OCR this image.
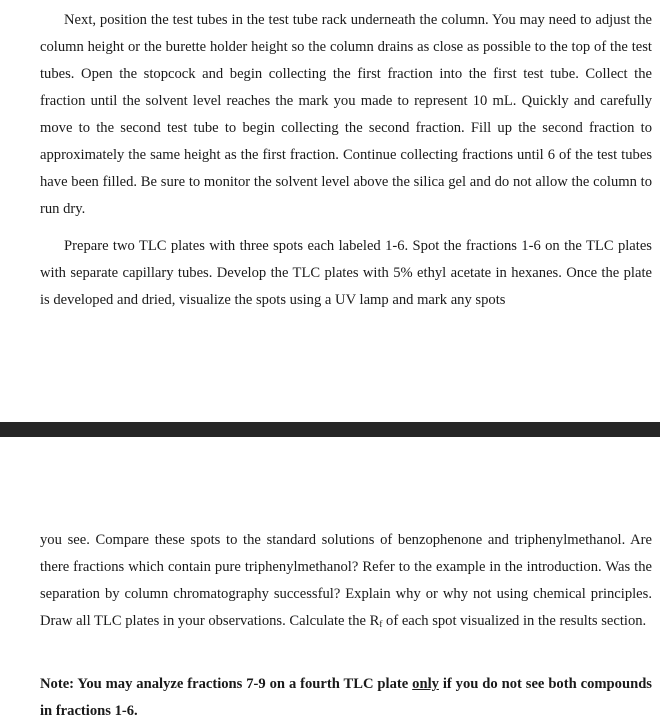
Next, position the test tubes in the test tube rack underneath the column. You may need to adjust the column height or the burette holder height so the column drains as close as possible to the top of the test tubes. Open the stopcock and begin collecting the first fraction into the first test tube. Collect the fraction until the solvent level reaches the mark you made to represent 10 mL. Quickly and carefully move to the second test tube to begin collecting the second fraction. Fill up the second fraction to approximately the same height as the first fraction. Continue collecting fractions until 6 of the test tubes have been filled. Be sure to monitor the solvent level above the silica gel and do not allow the column to run dry.

Prepare two TLC plates with three spots each labeled 1-6. Spot the fractions 1-6 on the TLC plates with separate capillary tubes. Develop the TLC plates with 5% ethyl acetate in hexanes. Once the plate is developed and dried, visualize the spots using a UV lamp and mark any spots

you see. Compare these spots to the standard solutions of benzophenone and triphenylmethanol. Are there fractions which contain pure triphenylmethanol? Refer to the example in the introduction. Was the separation by column chromatography successful? Explain why or why not using chemical principles. Draw all TLC plates in your observations. Calculate the $R_f$ of each spot visualized in the results section.

Note: You may analyze fractions 7-9 on a fourth TLC plate only if you do not see both compounds in fractions 1-6.
